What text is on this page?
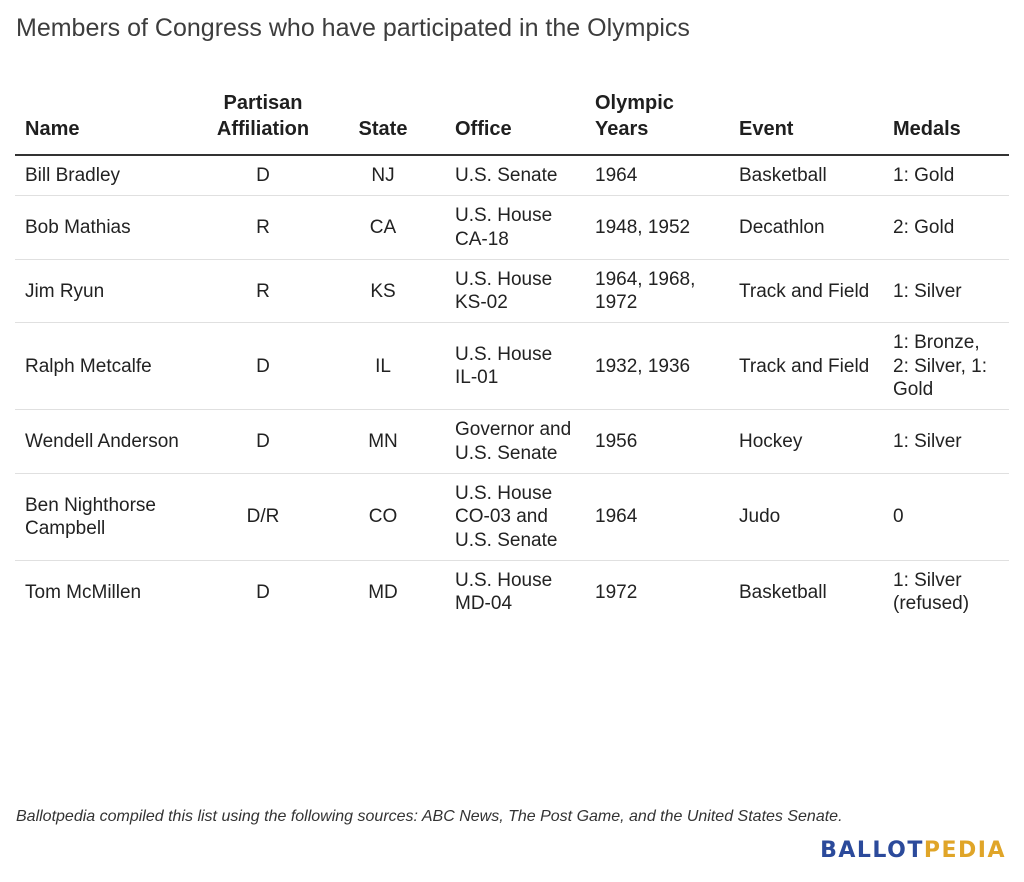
Members of Congress who have participated in the Olympics
Name	Partisan Affiliation	State	Office	Olympic Years	Event	Medals
Bill Bradley	D	NJ	U.S. Senate	1964	Basketball	1: Gold
Bob Mathias	R	CA	U.S. House CA-18	1948, 1952	Decathlon	2: Gold
Jim Ryun	R	KS	U.S. House KS-02	1964, 1968, 1972	Track and Field	1: Silver
Ralph Metcalfe	D	IL	U.S. House IL-01	1932, 1936	Track and Field	1: Bronze, 2: Silver, 1: Gold
Wendell Anderson	D	MN	Governor and U.S. Senate	1956	Hockey	1: Silver
Ben Nighthorse Campbell	D/R	CO	U.S. House CO-03 and U.S. Senate	1964	Judo	0
Tom McMillen	D	MD	U.S. House MD-04	1972	Basketball	1: Silver (refused)
Ballotpedia compiled this list using the following sources: ABC News, The Post Game, and the United States Senate.
BALLOTPEDIA
